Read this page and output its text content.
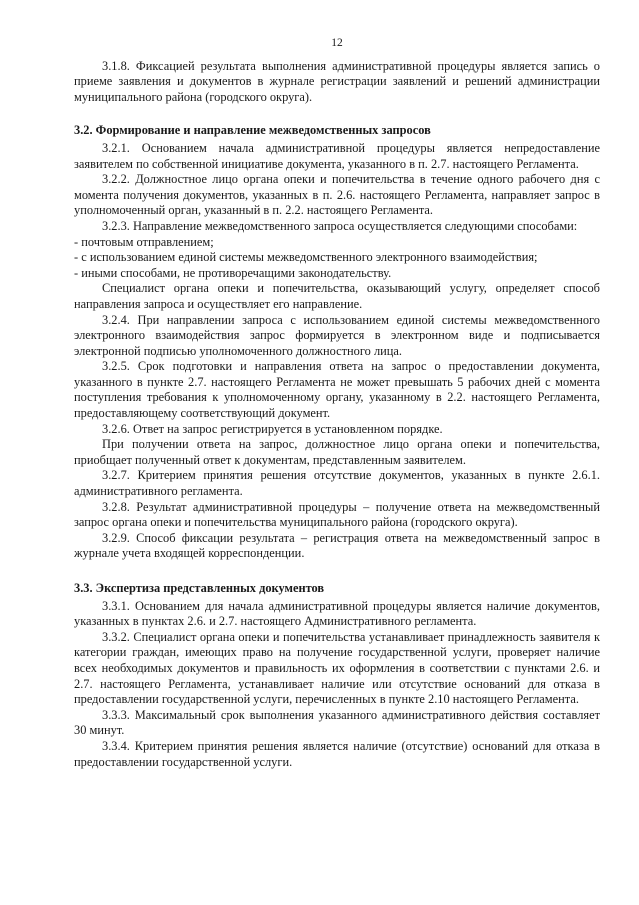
12

3.1.8. Фиксацией результата выполнения административной процедуры является запись о приеме заявления и документов в журнале регистрации заявлений и решений администрации муниципального района (городского округа).

3.2. Формирование и направление межведомственных запросов

3.2.1. Основанием начала административной процедуры является непредоставление заявителем по собственной инициативе документа, указанного в п. 2.7. настоящего Регламента.

3.2.2. Должностное лицо органа опеки и попечительства в течение одного рабочего дня с момента получения документов, указанных в п. 2.6. настоящего Регламента, направляет запрос в уполномоченный орган, указанный в п. 2.2. настоящего Регламента.

3.2.3. Направление межведомственного запроса осуществляется следующими способами:

- почтовым отправлением;

- с использованием единой системы межведомственного электронного взаимодействия;

- иными способами, не противоречащими законодательству.

Специалист органа опеки и попечительства, оказывающий услугу, определяет способ направления запроса и осуществляет его направление.

3.2.4. При направлении запроса с использованием единой системы межведомственного электронного взаимодействия запрос формируется в электронном виде и подписывается электронной подписью уполномоченного должностного лица.

3.2.5. Срок подготовки и направления ответа на запрос о предоставлении документа, указанного в пункте 2.7. настоящего Регламента не может превышать 5 рабочих дней с момента поступления требования к уполномоченному органу, указанному в 2.2. настоящего Регламента, предоставляющему соответствующий документ.

3.2.6. Ответ на запрос регистрируется в установленном порядке.

При получении ответа на запрос, должностное лицо органа опеки и попечительства, приобщает полученный ответ к документам, представленным заявителем.

3.2.7. Критерием принятия решения отсутствие документов, указанных в пункте 2.6.1. административного регламента.

3.2.8. Результат административной процедуры – получение ответа на межведомственный запрос органа опеки и попечительства муниципального района (городского округа).

3.2.9. Способ фиксации результата – регистрация ответа на межведомственный запрос в журнале учета входящей корреспонденции.

3.3. Экспертиза представленных документов

3.3.1. Основанием для начала административной процедуры является наличие документов, указанных в пунктах 2.6. и 2.7. настоящего Административного регламента.

3.3.2. Специалист органа опеки и попечительства устанавливает принадлежность заявителя к категории граждан, имеющих право на получение государственной услуги, проверяет наличие всех необходимых документов и правильность их оформления в соответствии с пунктами 2.6. и 2.7. настоящего Регламента, устанавливает наличие или отсутствие оснований для отказа в предоставлении государственной услуги, перечисленных в пункте 2.10 настоящего Регламента.

3.3.3. Максимальный срок выполнения указанного административного действия составляет 30 минут.

3.3.4. Критерием принятия решения является наличие (отсутствие) оснований для отказа в предоставлении государственной услуги.
